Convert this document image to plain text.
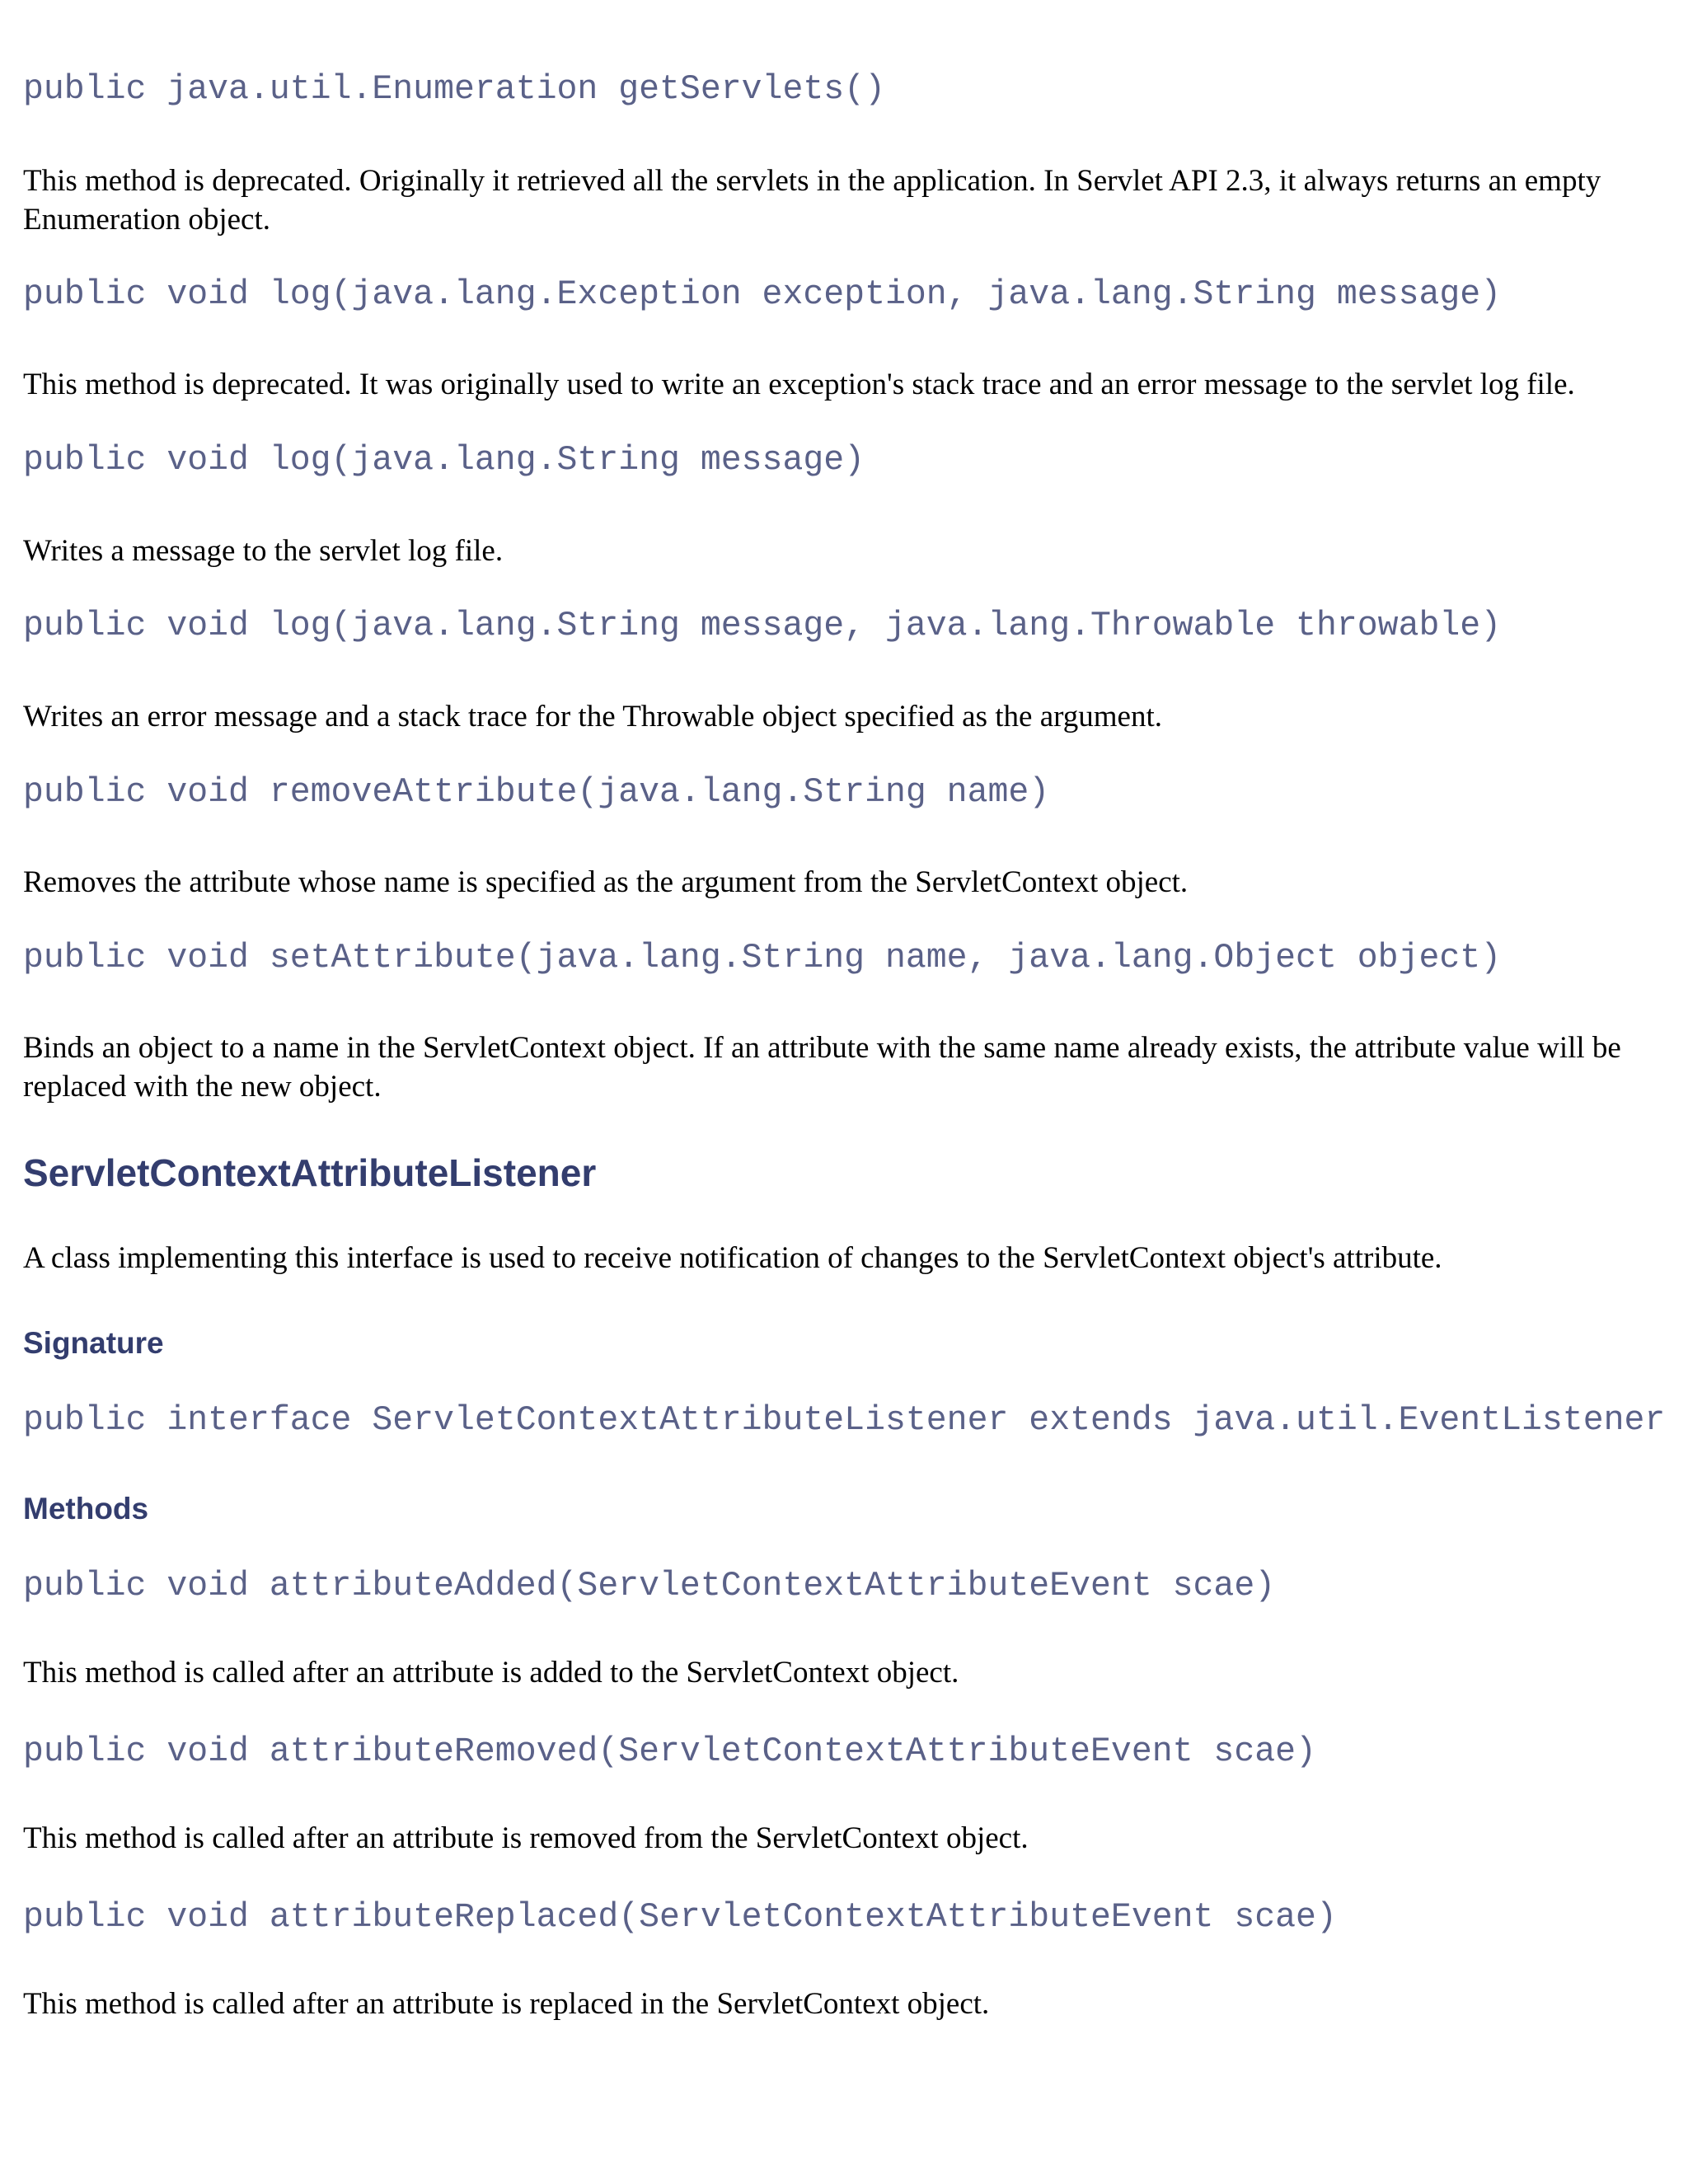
public java.util.Enumeration getServlets()
This method is deprecated. Originally it retrieved all the servlets in the application. In Servlet API 2.3, it always returns an empty Enumeration object.
public void log(java.lang.Exception exception, java.lang.String message)
This method is deprecated. It was originally used to write an exception's stack trace and an error message to the servlet log file.
public void log(java.lang.String message)
Writes a message to the servlet log file.
public void log(java.lang.String message, java.lang.Throwable throwable)
Writes an error message and a stack trace for the Throwable object specified as the argument.
public void removeAttribute(java.lang.String name)
Removes the attribute whose name is specified as the argument from the ServletContext object.
public void setAttribute(java.lang.String name, java.lang.Object object)
Binds an object to a name in the ServletContext object. If an attribute with the same name already exists, the attribute value will be replaced with the new object.
ServletContextAttributeListener
A class implementing this interface is used to receive notification of changes to the ServletContext object's attribute.
Signature
public interface ServletContextAttributeListener extends java.util.EventListener
Methods
public void attributeAdded(ServletContextAttributeEvent scae)
This method is called after an attribute is added to the ServletContext object.
public void attributeRemoved(ServletContextAttributeEvent scae)
This method is called after an attribute is removed from the ServletContext object.
public void attributeReplaced(ServletContextAttributeEvent scae)
This method is called after an attribute is replaced in the ServletContext object.
